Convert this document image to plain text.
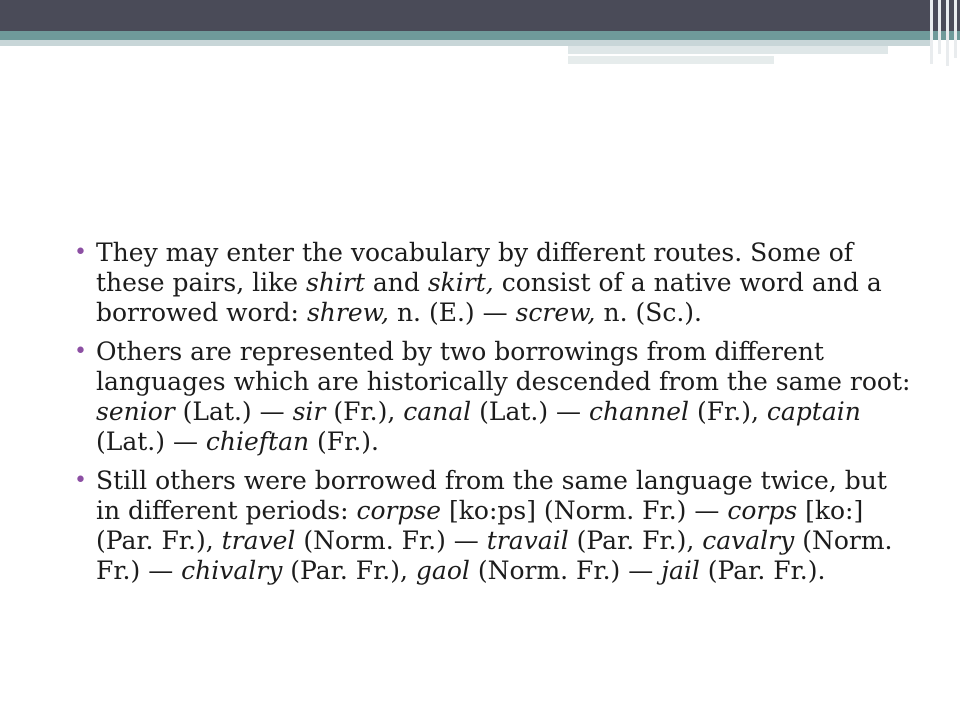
• They may enter the vocabulary by different routes. Some of these pairs, like shirt and skirt, consist of a native word and a borrowed word: shrew, n. (E.) — screw, n. (Sc.).
• Others are represented by two borrowings from different languages which are historically descended from the same root: senior (Lat.) — sir (Fr.), canal (Lat.) — channel (Fr.), captain (Lat.) — chieftan (Fr.).
• Still others were borrowed from the same language twice, but in different periods: corpse [ko:ps] (Norm. Fr.) — corps [ko:] (Par. Fr.), travel (Norm. Fr.) — travail (Par. Fr.), cavalry (Norm. Fr.) — chivalry (Par. Fr.), gaol (Norm. Fr.) — jail (Par. Fr.).
